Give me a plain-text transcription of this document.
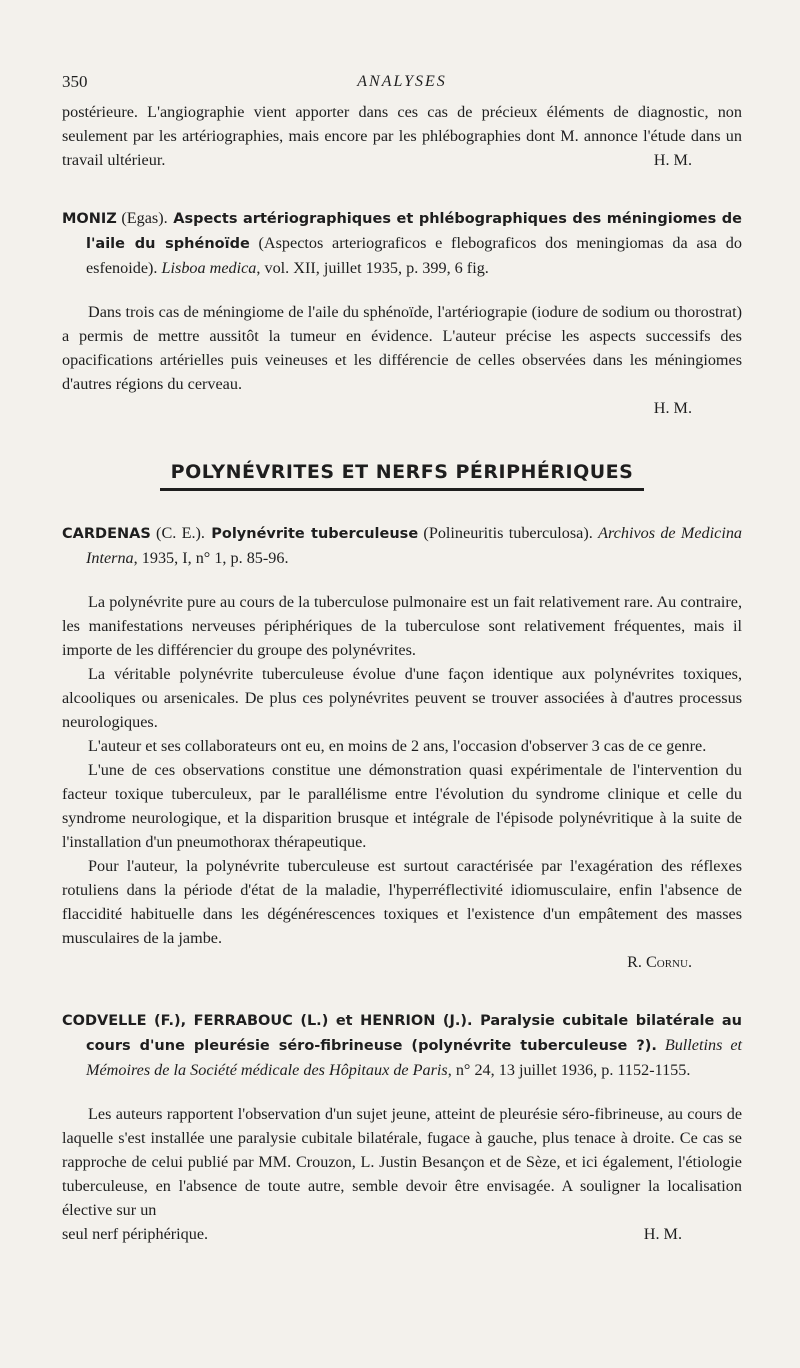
350	ANALYSES

postérieure. L'angiographie vient apporter dans ces cas de précieux éléments de diagnostic, non seulement par les artériographies, mais encore par les phlébographies dont M. annonce l'étude dans un travail ultérieur.	H. M.

MONIZ (Egas). Aspects artériographiques et phlébographiques des méningiomes de l'aile du sphénoïde (Aspectos arteriograficos e flebograficos dos meningiomas da asa do esfenoide). Lisboa medica, vol. XII, juillet 1935, p. 399, 6 fig.

Dans trois cas de méningiome de l'aile du sphénoïde, l'artériograpie (iodure de sodium ou thorostrat) a permis de mettre aussitôt la tumeur en évidence. L'auteur précise les aspects successifs des opacifications artérielles puis veineuses et les différencie de celles observées dans les méningiomes d'autres régions du cerveau.

H. M.

POLYNÉVRITES ET NERFS PÉRIPHÉRIQUES

CARDENAS (C. E.). Polynévrite tuberculeuse (Polineuritis tuberculosa). Archivos de Medicina Interna, 1935, I, n° 1, p. 85-96.

La polynévrite pure au cours de la tuberculose pulmonaire est un fait relativement rare. Au contraire, les manifestations nerveuses périphériques de la tuberculose sont relativement fréquentes, mais il importe de les différencier du groupe des polynévrites.

La véritable polynévrite tuberculeuse évolue d'une façon identique aux polynévrites toxiques, alcooliques ou arsenicales. De plus ces polynévrites peuvent se trouver associées à d'autres processus neurologiques.

L'auteur et ses collaborateurs ont eu, en moins de 2 ans, l'occasion d'observer 3 cas de ce genre.

L'une de ces observations constitue une démonstration quasi expérimentale de l'intervention du facteur toxique tuberculeux, par le parallélisme entre l'évolution du syndrome clinique et celle du syndrome neurologique, et la disparition brusque et intégrale de l'épisode polynévritique à la suite de l'installation d'un pneumothorax thérapeutique.

Pour l'auteur, la polynévrite tuberculeuse est surtout caractérisée par l'exagération des réflexes rotuliens dans la période d'état de la maladie, l'hyperréflectivité idiomusculaire, enfin l'absence de flaccidité habituelle dans les dégénérescences toxiques et l'existence d'un empâtement des masses musculaires de la jambe.

R. Cornu.

CODVELLE (F.), FERRABOUC (L.) et HENRION (J.). Paralysie cubitale bilatérale au cours d'une pleurésie séro-fibrineuse (polynévrite tuberculeuse ?). Bulletins et Mémoires de la Société médicale des Hôpitaux de Paris, n° 24, 13 juillet 1936, p. 1152-1155.

Les auteurs rapportent l'observation d'un sujet jeune, atteint de pleurésie séro-fibrineuse, au cours de laquelle s'est installée une paralysie cubitale bilatérale, fugace à gauche, plus tenace à droite. Ce cas se rapproche de celui publié par MM. Crouzon, L. Justin Besançon et de Sèze, et ici également, l'étiologie tuberculeuse, en l'absence de toute autre, semble devoir être envisagée. A souligner la localisation élective sur un

seul nerf périphérique.	H. M.
